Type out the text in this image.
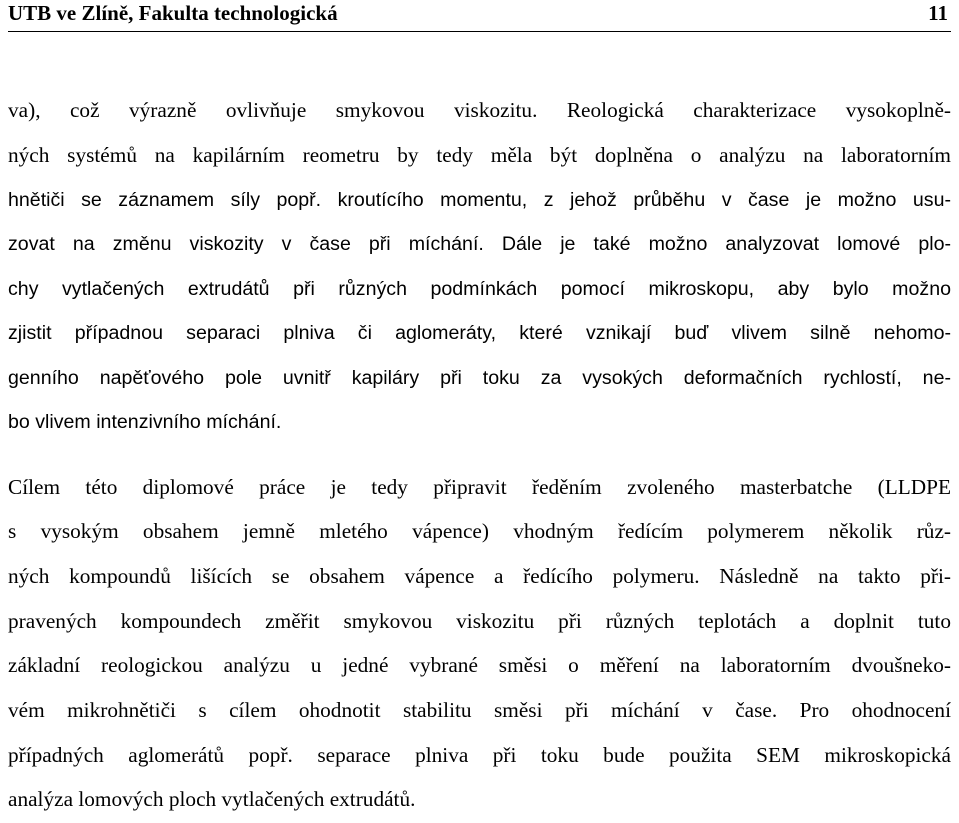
UTB ve Zlíně, Fakulta technologická	11
va), což výrazně ovlivňuje smykovou viskozitu. Reologická charakterizace vysokoplně-
ných systémů na kapilárním reometru by tedy měla být doplněna o analýzu na laboratorním
hnětiči se záznamem síly popř. kroutícího momentu, z jehož průběhu v čase je možno usu-
zovat na změnu viskozity v čase při míchání. Dále je také možno analyzovat lomové plo-
chy vytlačených extrudátů při různých podmínkách pomocí mikroskopu, aby bylo možno
zjistit případnou separaci plniva či aglomeráty, které vznikají buď vlivem silně nehomo-
genního napěťového pole uvnitř kapiláry při toku za vysokých deformačních rychlostí, ne-
bo vlivem intenzivního míchání.
Cílem této diplomové práce je tedy připravit ředěním zvoleného masterbatche (LLDPE
s vysokým obsahem jemně mletého vápence) vhodným ředícím polymerem několik růz-
ných kompoundů lišících se obsahem vápence a ředícího polymeru. Následně na takto při-
pravených kompoundech změřit smykovou viskozitu při různých teplotách a doplnit tuto
základní reologickou analýzu u jedné vybrané směsi o měření na laboratorním dvoušneko-
vém mikrohnětiči s cílem ohodnotit stabilitu směsi při míchání v čase. Pro ohodnocení
případných aglomerátů popř. separace plniva při toku bude použita SEM mikroskopická
analýza lomových ploch vytlačených extrudátů.
